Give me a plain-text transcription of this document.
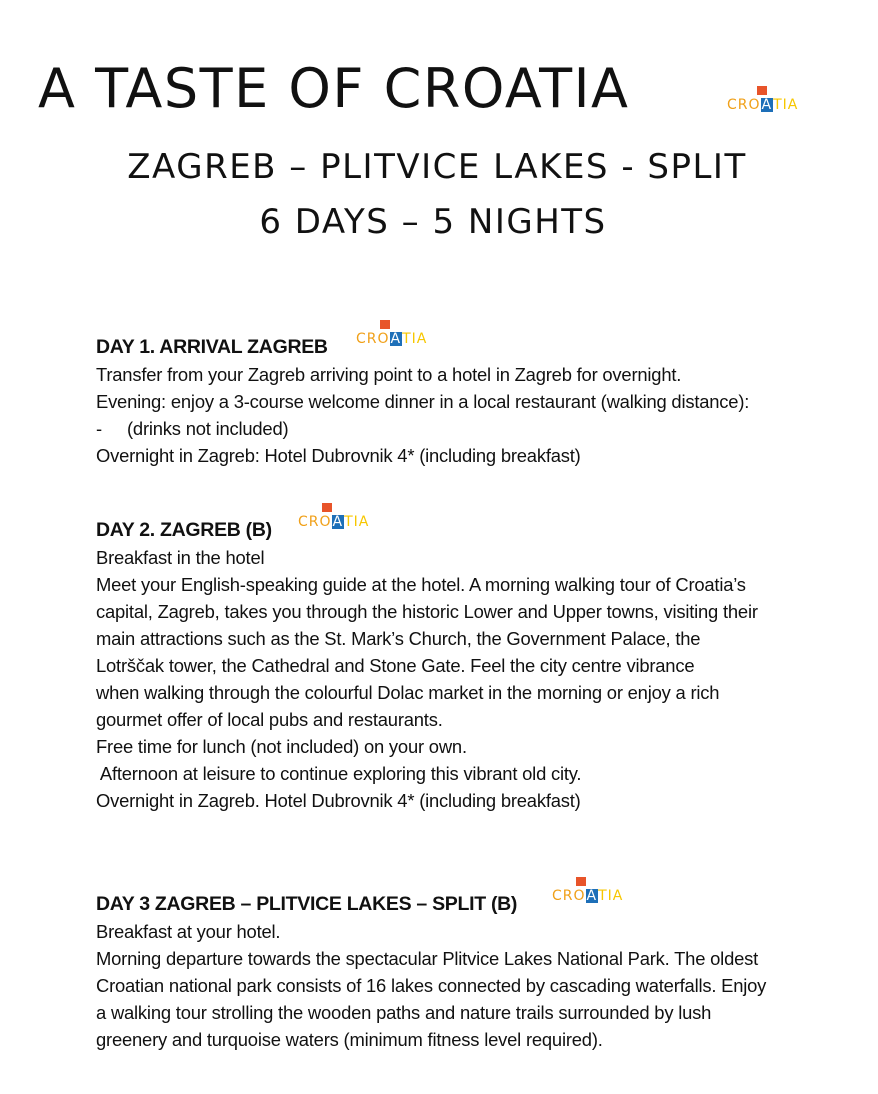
A TASTE OF CROATIA	CROATIA
ZAGREB – PLITVICE LAKES - SPLIT
6 DAYS – 5 NIGHTS
DAY 1. ARRIVAL ZAGREB	CROATIA

Transfer from your Zagreb arriving point to a hotel in Zagreb for overnight.

Evening: enjoy a 3-course welcome dinner in a local restaurant (walking distance):

-	(drinks not included)

Overnight in Zagreb: Hotel Dubrovnik 4* (including breakfast)

DAY 2. ZAGREB (B)	CROATIA

Breakfast in the hotel

Meet your English-speaking guide at the hotel. A morning walking tour of Croatia’s

capital, Zagreb, takes you through the historic Lower and Upper towns, visiting their

main attractions such as the St. Mark’s Church, the Government Palace, the

Lotrščak tower, the Cathedral and Stone Gate. Feel the city centre vibrance

when walking through the colourful Dolac market in the morning or enjoy a rich

gourmet offer of local pubs and restaurants.

Free time for lunch (not included) on your own.

Afternoon at leisure to continue exploring this vibrant old city.

Overnight in Zagreb. Hotel Dubrovnik 4* (including breakfast)

DAY 3 ZAGREB – PLITVICE LAKES – SPLIT (B)	CROATIA

Breakfast at your hotel.

Morning departure towards the spectacular Plitvice Lakes National Park. The oldest

Croatian national park consists of 16 lakes connected by cascading waterfalls. Enjoy

a walking tour strolling the wooden paths and nature trails surrounded by lush

greenery and turquoise waters (minimum fitness level required).
